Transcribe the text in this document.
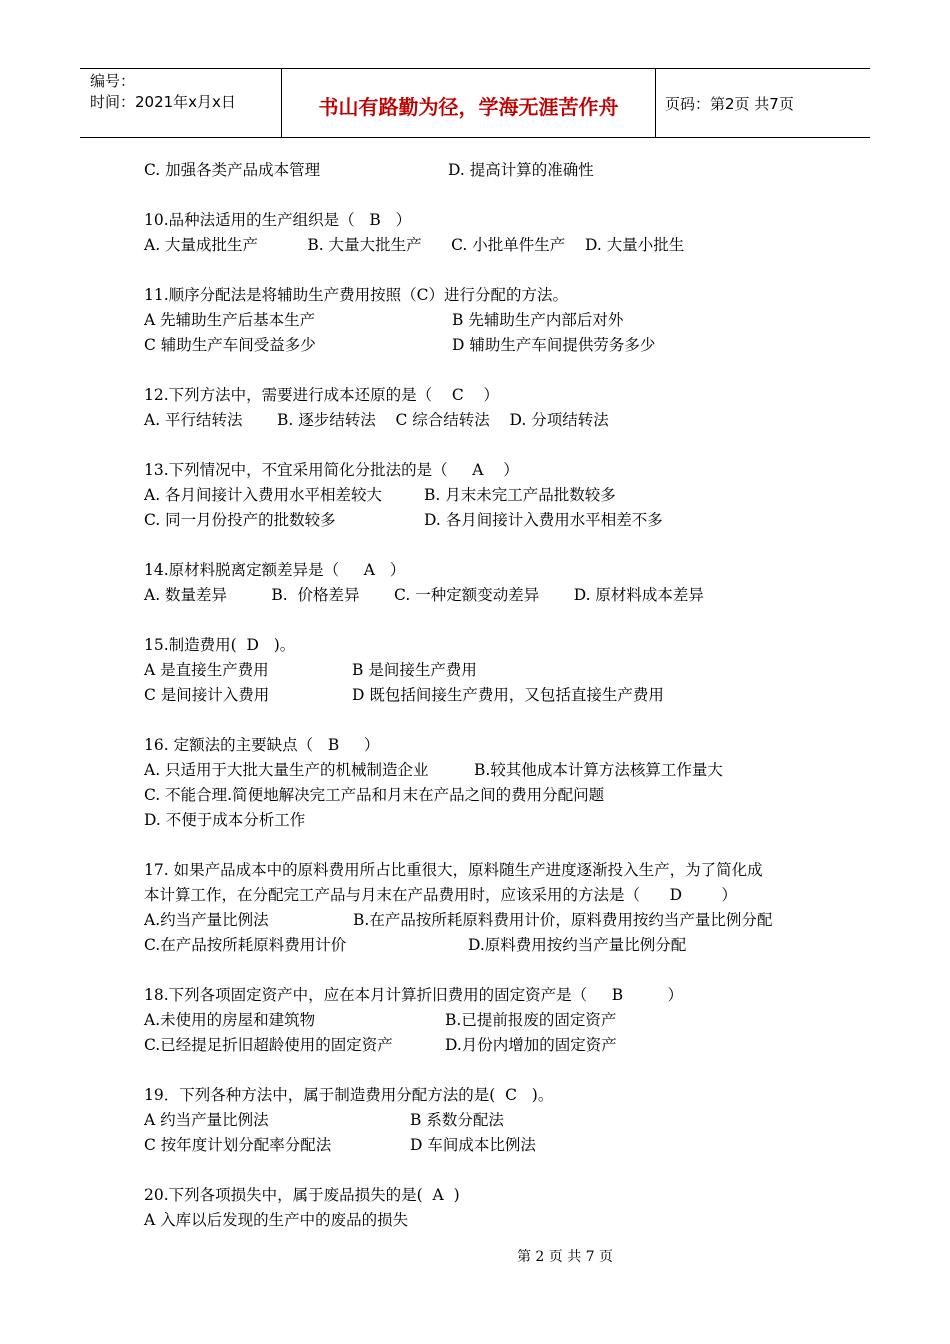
编号：
时间：2021年x月x日	书山有路勤为径，学海无涯苦作舟	页码：第2页 共7页
C. 加强各类产品成本管理	D. 提高计算的准确性
10.品种法适用的生产组织是（   B   ）
A. 大量成批生产          B. 大量大批生产      C. 小批单件生产    D. 大量小批生
11.顺序分配法是将辅助生产费用按照（C）进行分配的方法。
A 先辅助生产后基本生产	B 先辅助生产内部后对外
C 辅助生产车间受益多少	D 辅助生产车间提供劳务多少
12.下列方法中，需要进行成本还原的是（    C    ）
A. 平行结转法       B. 逐步结转法    C 综合结转法    D. 分项结转法
13.下列情况中，不宜采用简化分批法的是（     A    ）
A. 各月间接计入费用水平相差较大	B. 月末未完工产品批数较多
C. 同一月份投产的批数较多	D. 各月间接计入费用水平相差不多
14.原材料脱离定额差异是（     A   ）
A. 数量差异         B.  价格差异       C. 一种定额变动差异       D. 原材料成本差异
15.制造费用(  D   )。
A 是直接生产费用	B 是间接生产费用
C 是间接计入费用	D 既包括间接生产费用，又包括直接生产费用
16. 定额法的主要缺点（   B     ）
A. 只适用于大批大量生产的机械制造企业	B.较其他成本计算方法核算工作量大
C. 不能合理.简便地解决完工产品和月末在产品之间的费用分配问题
D. 不便于成本分析工作
17. 如果产品成本中的原料费用所占比重很大，原料随生产进度逐渐投入生产，为了简化成
本计算工作，在分配完工产品与月末在产品费用时，应该采用的方法是（      D        ）
A.约当产量比例法	B.在产品按所耗原料费用计价，原料费用按约当产量比例分配
C.在产品按所耗原料费用计价	D.原料费用按约当产量比例分配
18.下列各项固定资产中，应在本月计算折旧费用的固定资产是（     B         ）
A.未使用的房屋和建筑物	B.已提前报废的固定资产
C.已经提足折旧超龄使用的固定资产	D.月份内增加的固定资产
19．下列各种方法中，属于制造费用分配方法的是(  C   )。
A 约当产量比例法	B 系数分配法
C 按年度计划分配率分配法	D 车间成本比例法
20.下列各项损失中，属于废品损失的是(  A  )
A 入库以后发现的生产中的废品的损失
第 2 页 共 7 页
